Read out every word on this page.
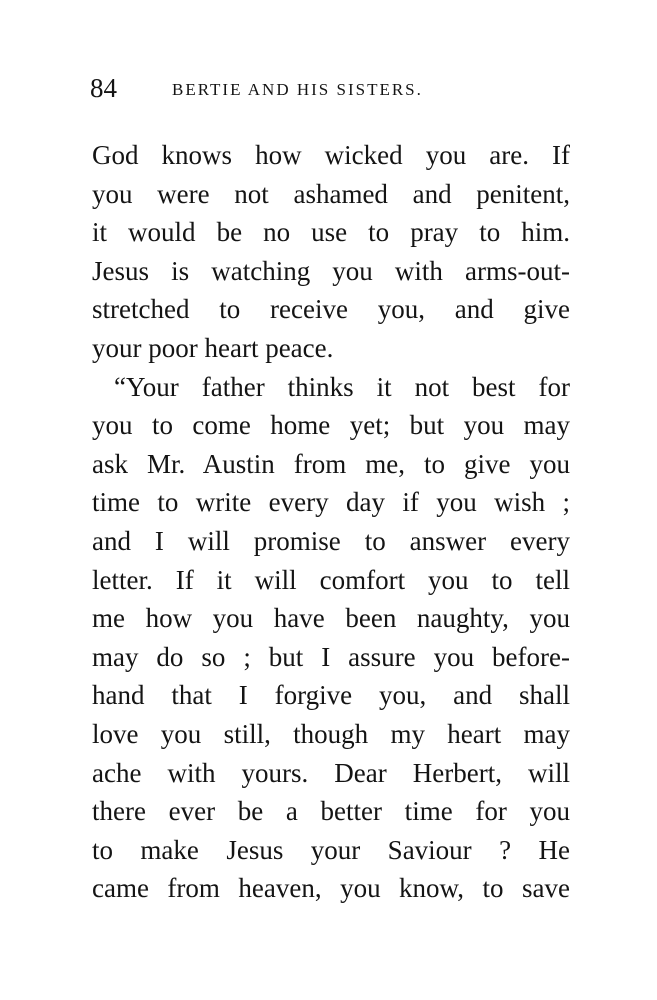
84	BERTIE AND HIS SISTERS.
God knows how wicked you are. If
you were not ashamed and penitent,
it would be no use to pray to him.
Jesus is watching you with arms-out-
stretched to receive you, and give
your poor heart peace.
“Your father thinks it not best for
you to come home yet; but you may
ask Mr. Austin from me, to give you
time to write every day if you wish ;
and I will promise to answer every
letter. If it will comfort you to tell
me how you have been naughty, you
may do so ; but I assure you before-
hand that I forgive you, and shall
love you still, though my heart may
ache with yours. Dear Herbert, will
there ever be a better time for you
to make Jesus your Saviour ? He
came from heaven, you know, to save
